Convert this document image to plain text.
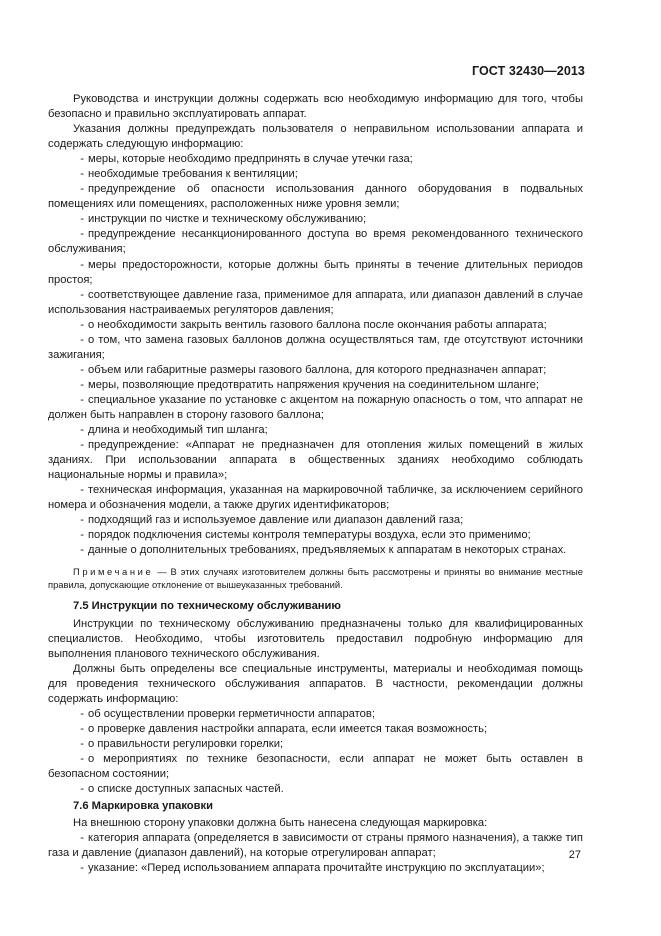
ГОСТ 32430—2013

Руководства и инструкции должны содержать всю необходимую информацию для того, чтобы безопасно и правильно эксплуатировать аппарат.

Указания должны предупреждать пользователя о неправильном использовании аппарата и содержать следующую информацию:

- меры, которые необходимо предпринять в случае утечки газа;

- необходимые требования к вентиляции;

- предупреждение об опасности использования данного оборудования в подвальных помещениях или помещениях, расположенных ниже уровня земли;

- инструкции по чистке и техническому обслуживанию;

- предупреждение несанкционированного доступа во время рекомендованного технического обслуживания;

- меры предосторожности, которые должны быть приняты в течение длительных периодов простоя;

- соответствующее давление газа, применимое для аппарата, или диапазон давлений в случае использования настраиваемых регуляторов давления;

- о необходимости закрыть вентиль газового баллона после окончания работы аппарата;

- о том, что замена газовых баллонов должна осуществляться там, где отсутствуют источники зажигания;

- объем или габаритные размеры газового баллона, для которого предназначен аппарат;

- меры, позволяющие предотвратить напряжения кручения на соединительном шланге;

- специальное указание по установке с акцентом на пожарную опасность о том, что аппарат не должен быть направлен в сторону газового баллона;

- длина и необходимый тип шланга;

- предупреждение: «Аппарат не предназначен для отопления жилых помещений в жилых зданиях. При использовании аппарата в общественных зданиях необходимо соблюдать национальные нормы и правила»;

- техническая информация, указанная на маркировочной табличке, за исключением серийного номера и обозначения модели, а также других идентификаторов;

- подходящий газ и используемое давление или диапазон давлений газа;

- порядок подключения системы контроля температуры воздуха, если это применимо;

- данные о дополнительных требованиях, предъявляемых к аппаратам в некоторых странах.

Примечание — В этих случаях изготовителем должны быть рассмотрены и приняты во внимание местные правила, допускающие отклонение от вышеуказанных требований.

7.5 Инструкции по техническому обслуживанию

Инструкции по техническому обслуживанию предназначены только для квалифицированных специалистов. Необходимо, чтобы изготовитель предоставил подробную информацию для выполнения планового технического обслуживания.

Должны быть определены все специальные инструменты, материалы и необходимая помощь для проведения технического обслуживания аппаратов. В частности, рекомендации должны содержать информацию:

- об осуществлении проверки герметичности аппаратов;

- о проверке давления настройки аппарата, если имеется такая возможность;

- о правильности регулировки горелки;

- о мероприятиях по технике безопасности, если аппарат не может быть оставлен в безопасном состоянии;

- о списке доступных запасных частей.

7.6 Маркировка упаковки

На внешнюю сторону упаковки должна быть нанесена следующая маркировка:

- категория аппарата (определяется в зависимости от страны прямого назначения), а также тип газа и давление (диапазон давлений), на которые отрегулирован аппарат;

- указание: «Перед использованием аппарата прочитайте инструкцию по эксплуатации»;

27
